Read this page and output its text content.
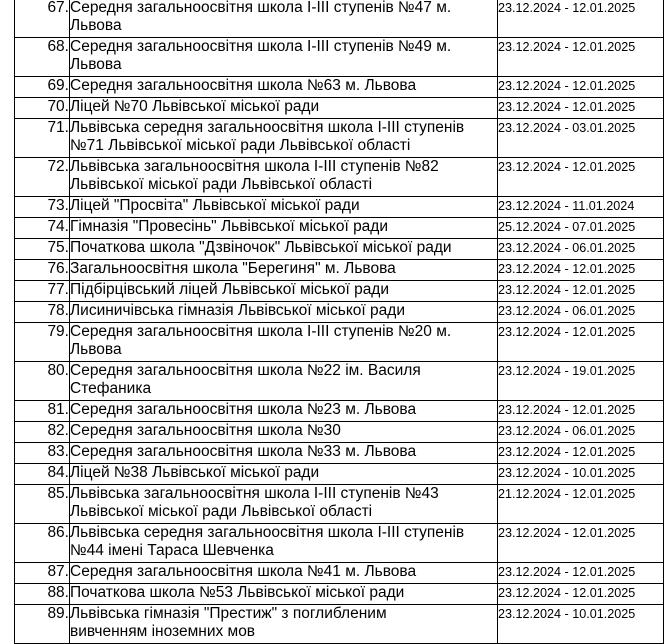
67.	Середня загальноосвітня школа І-ІІІ ступенів №47 м.
Львова	23.12.2024 - 12.01.2025
68.	Середня загальноосвітня школа І-ІІІ ступенів №49 м.
Львова	23.12.2024 - 12.01.2025
69.	Середня загальноосвітня школа №63 м. Львова	23.12.2024 - 12.01.2025
70.	Ліцей №70 Львівської міської ради	23.12.2024 - 12.01.2025
71.	Львівська середня загальноосвітня школа І-ІІІ ступенів
№71 Львівської міської ради Львівської області	23.12.2024 - 03.01.2025
72.	Львівська загальноосвітня школа І-ІІІ ступенів №82
Львівської міської ради Львівської області	23.12.2024 - 12.01.2025
73.	Ліцей "Просвіта" Львівської міської ради	23.12.2024 - 11.01.2024
74.	Гімназія "Провесінь" Львівської міської ради	25.12.2024 - 07.01.2025
75.	Початкова школа "Дзвіночок" Львівської міської ради	23.12.2024 - 06.01.2025
76.	Загальноосвітня школа "Берегиня" м. Львова	23.12.2024 - 12.01.2025
77.	Підбірцівський ліцей Львівської міської ради	23.12.2024 - 12.01.2025
78.	Лисиничівська гімназія Львівської міської ради	23.12.2024 - 06.01.2025
79.	Середня загальноосвітня школа І-ІІІ ступенів №20 м.
Львова	23.12.2024 - 12.01.2025
80.	Середня загальноосвітня школа №22 ім. Василя
Стефаника	23.12.2024 - 19.01.2025
81.	Середня загальноосвітня школа №23 м. Львова	23.12.2024 - 12.01.2025
82.	Середня загальноосвітня школа №30	23.12.2024 - 06.01.2025
83.	Середня загальноосвітня школа №33 м. Львова	23.12.2024 - 12.01.2025
84.	Ліцей №38 Львівської міської ради	23.12.2024 - 10.01.2025
85.	Львівська загальноосвітня школа І-ІІІ ступенів №43
Львівської міської ради Львівської області	21.12.2024 - 12.01.2025
86.	Львівська середня загальноосвітня школа І-ІІІ ступенів
№44 імені Тараса Шевченка	23.12.2024 - 12.01.2025
87.	Середня загальноосвітня школа №41 м. Львова	23.12.2024 - 12.01.2025
88.	Початкова школа №53 Львівської міської ради	23.12.2024 - 12.01.2025
89.	Львівська гімназія "Престиж" з поглибленим
вивченням іноземних мов	23.12.2024 - 10.01.2025
